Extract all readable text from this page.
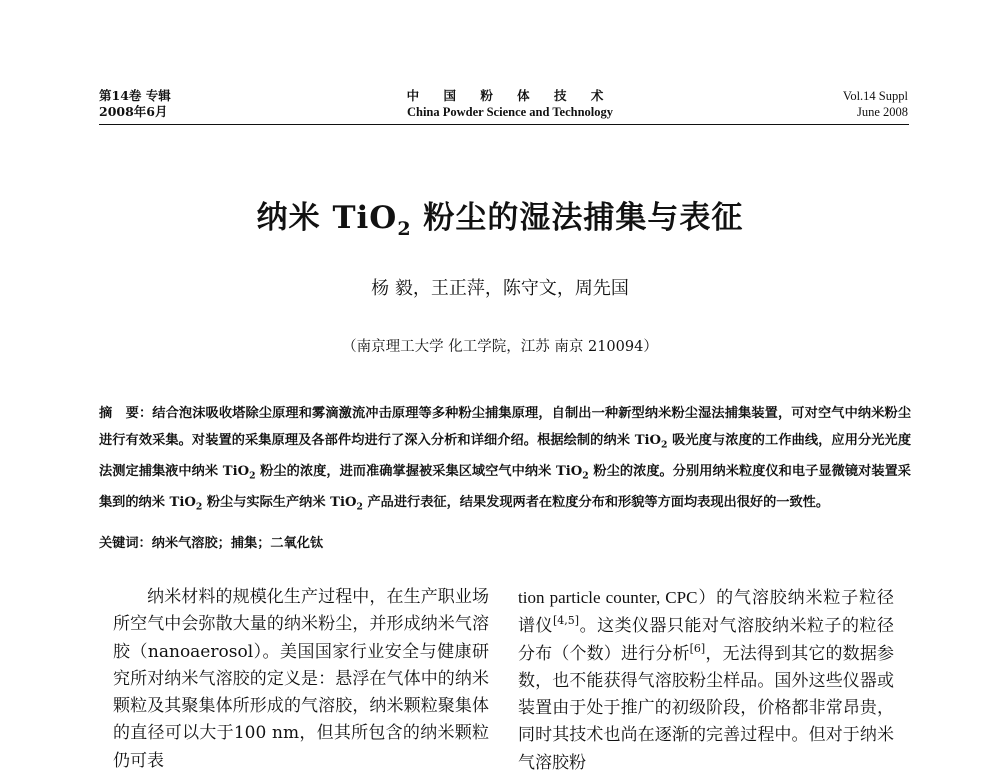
第14卷 专辑
2008年6月
中 国 粉 体 技 术
China Powder Science and Technology
Vol.14 Suppl
June 2008
纳米 TiO$_2$ 粉尘的湿法捕集与表征
杨 毅，王正萍，陈守文，周先国
（南京理工大学 化工学院，江苏 南京 210094）
摘　要：结合泡沫吸收塔除尘原理和雾滴激流冲击原理等多种粉尘捕集原理，自制出一种新型纳米粉尘湿法捕集装置，可对空气中纳米粉尘进行有效采集。对装置的采集原理及各部件均进行了深入分析和详细介绍。根据绘制的纳米 TiO$_2$ 吸光度与浓度的工作曲线，应用分光光度法测定捕集液中纳米 TiO$_2$ 粉尘的浓度，进而准确掌握被采集区域空气中纳米 TiO$_2$ 粉尘的浓度。分别用纳米粒度仪和电子显微镜对装置采集到的纳米 TiO$_2$ 粉尘与实际生产纳米 TiO$_2$ 产品进行表征，结果发现两者在粒度分布和形貌等方面均表现出很好的一致性。
关键词：纳米气溶胶；捕集；二氧化钛
纳米材料的规模化生产过程中，在生产职业场所空气中会弥散大量的纳米粉尘，并形成纳米气溶胶（nanoaerosol）。美国国家行业安全与健康研究所对纳米气溶胶的定义是：悬浮在气体中的纳米颗粒及其聚集体所形成的气溶胶，纳米颗粒聚集体的直径可以大于100 nm，但其所包含的纳米颗粒仍可表
tion particle counter, CPC）的气溶胶纳米粒子粒径谱仪[4,5]。这类仪器只能对气溶胶纳米粒子的粒径分布（个数）进行分析[6]，无法得到其它的数据参数，也不能获得气溶胶粉尘样品。国外这些仪器或装置由于处于推广的初级阶段，价格都非常昂贵，同时其技术也尚在逐渐的完善过程中。但对于纳米气溶胶粉
